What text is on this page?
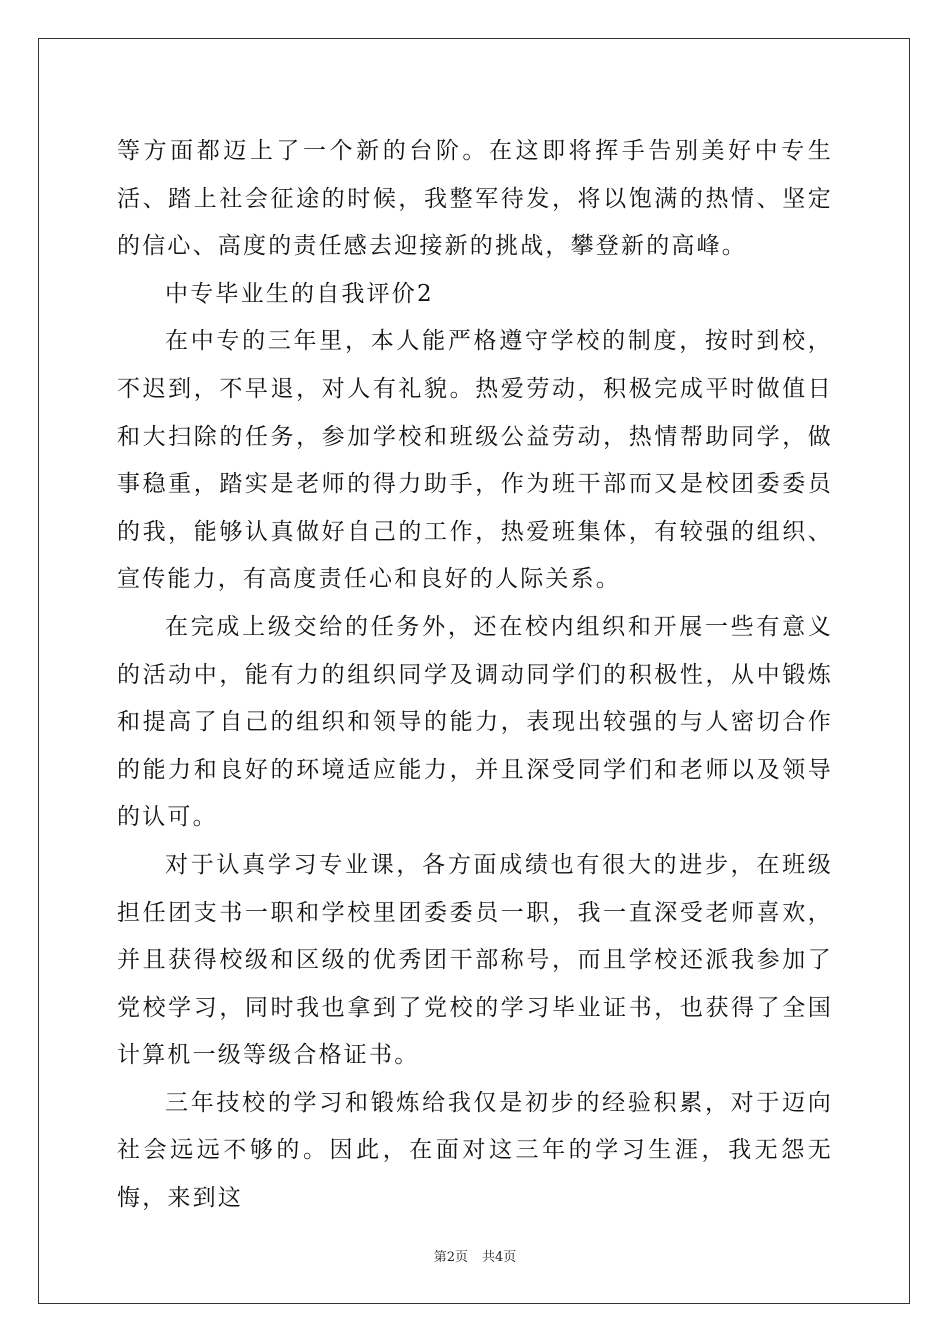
等方面都迈上了一个新的台阶。在这即将挥手告别美好中专生活、踏上社会征途的时候，我整军待发，将以饱满的热情、坚定的信心、高度的责任感去迎接新的挑战，攀登新的高峰。

中专毕业生的自我评价2

在中专的三年里，本人能严格遵守学校的制度，按时到校，不迟到，不早退，对人有礼貌。热爱劳动，积极完成平时做值日和大扫除的任务，参加学校和班级公益劳动，热情帮助同学，做事稳重，踏实是老师的得力助手，作为班干部而又是校团委委员的我，能够认真做好自己的工作，热爱班集体，有较强的组织、宣传能力，有高度责任心和良好的人际关系。

在完成上级交给的任务外，还在校内组织和开展一些有意义的活动中，能有力的组织同学及调动同学们的积极性，从中锻炼和提高了自己的组织和领导的能力，表现出较强的与人密切合作的能力和良好的环境适应能力，并且深受同学们和老师以及领导的认可。

对于认真学习专业课，各方面成绩也有很大的进步，在班级担任团支书一职和学校里团委委员一职，我一直深受老师喜欢，并且获得校级和区级的优秀团干部称号，而且学校还派我参加了党校学习，同时我也拿到了党校的学习毕业证书，也获得了全国计算机一级等级合格证书。

三年技校的学习和锻炼给我仅是初步的经验积累，对于迈向社会远远不够的。因此，在面对这三年的学习生涯，我无怨无悔，来到这

第2页 共4页
